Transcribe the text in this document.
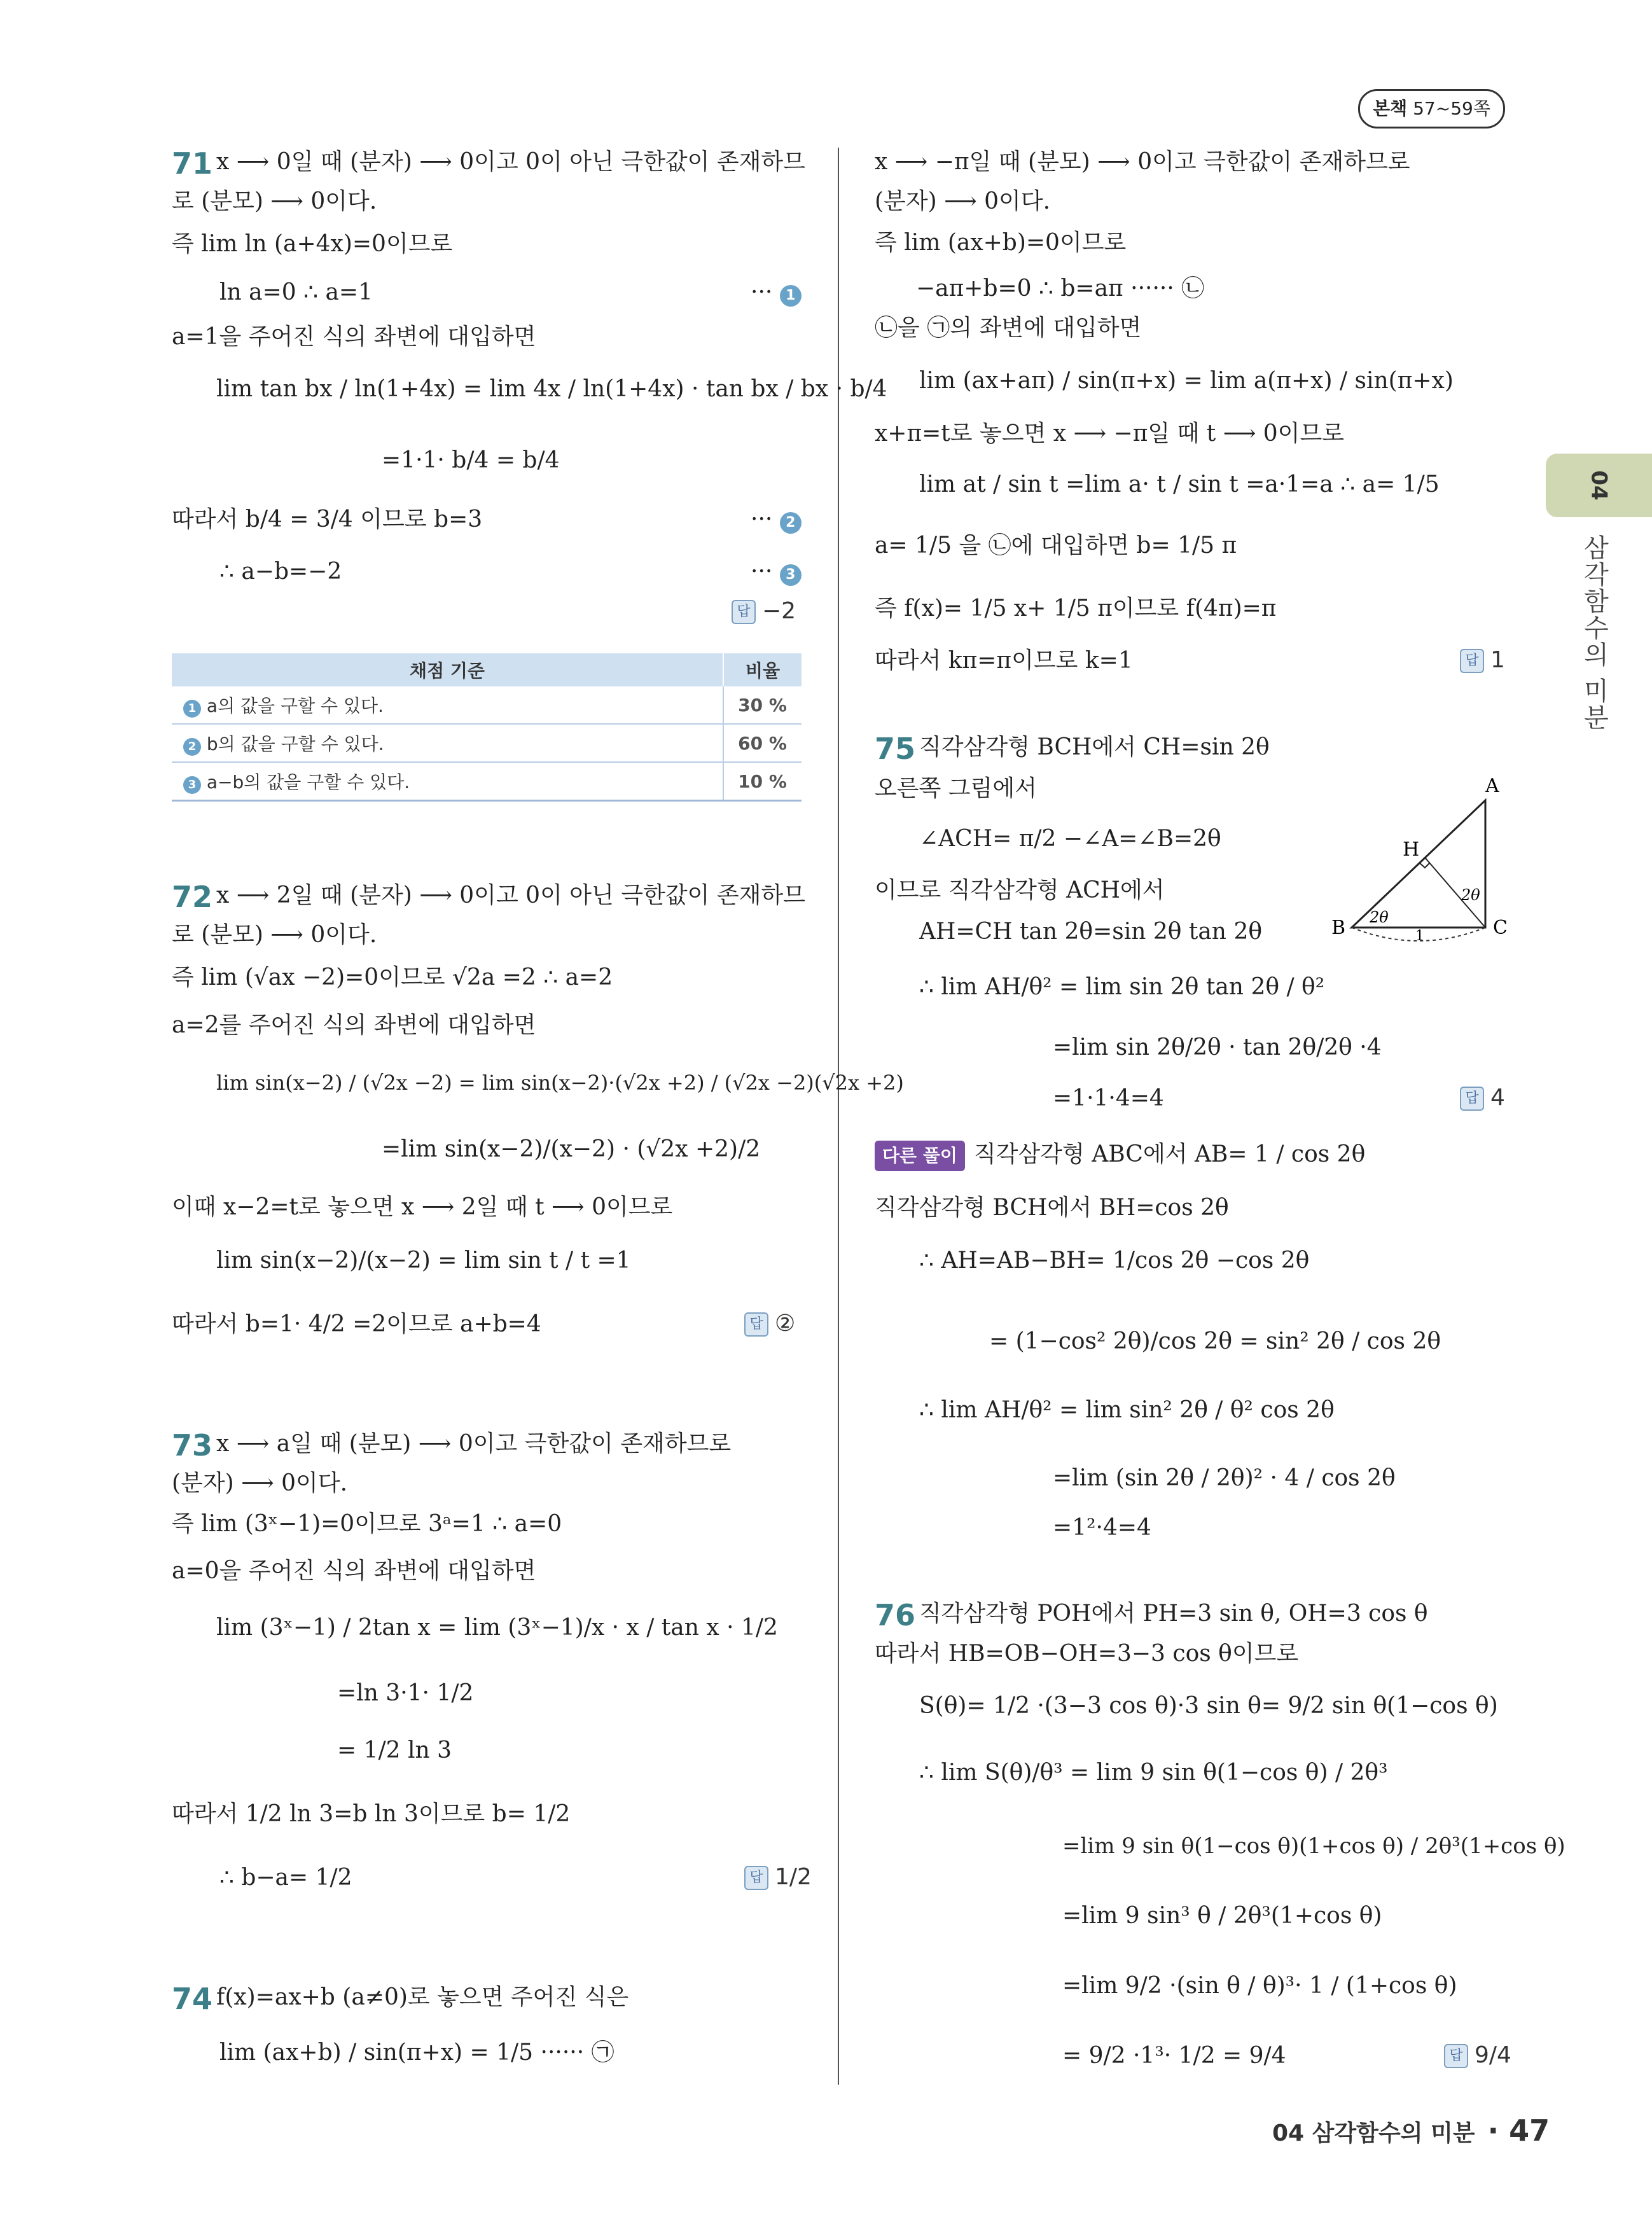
본책 57~59쪽
04
삼각함수의 미분
71 x ⟶ 0일 때 (분자) ⟶ 0이고 0이 아닌 극한값이 존재하므
로 (분모) ⟶ 0이다.
즉 lim ln (a+4x)=0이므로
ln a=0 ∴ a=1	··· 1
a=1을 주어진 식의 좌변에 대입하면
lim tan bx / ln(1+4x) = lim 4x / ln(1+4x) · tan bx / bx · b/4
=1·1· b/4 = b/4
따라서 b/4 = 3/4 이므로 b=3	··· 2
∴ a−b=−2	··· 3
답 −2
채점 기준	비율
1 a의 값을 구할 수 있다.	30 %
2 b의 값을 구할 수 있다.	60 %
3 a−b의 값을 구할 수 있다.	10 %
72 x ⟶ 2일 때 (분자) ⟶ 0이고 0이 아닌 극한값이 존재하므
로 (분모) ⟶ 0이다.
즉 lim (√ax −2)=0이므로 √2a =2 ∴ a=2
a=2를 주어진 식의 좌변에 대입하면
lim sin(x−2) / (√2x −2) = lim sin(x−2)·(√2x +2) / (√2x −2)(√2x +2)
=lim sin(x−2)/(x−2) · (√2x +2)/2
이때 x−2=t로 놓으면 x ⟶ 2일 때 t ⟶ 0이므로
lim sin(x−2)/(x−2) = lim sin t / t =1
따라서 b=1· 4/2 =2이므로 a+b=4	답 ②
73 x ⟶ a일 때 (분모) ⟶ 0이고 극한값이 존재하므로
(분자) ⟶ 0이다.
즉 lim (3ˣ−1)=0이므로 3ᵃ=1 ∴ a=0
a=0을 주어진 식의 좌변에 대입하면
lim (3ˣ−1) / 2tan x = lim (3ˣ−1)/x · x / tan x · 1/2
=ln 3·1· 1/2
= 1/2 ln 3
따라서 1/2 ln 3=b ln 3이므로 b= 1/2
∴ b−a= 1/2	답 1/2
74 f(x)=ax+b (a≠0)로 놓으면 주어진 식은
lim (ax+b) / sin(π+x) = 1/5 ······ ㉠
x ⟶ −π일 때 (분모) ⟶ 0이고 극한값이 존재하므로
(분자) ⟶ 0이다.
즉 lim (ax+b)=0이므로
−aπ+b=0 ∴ b=aπ ······ ㉡
㉡을 ㉠의 좌변에 대입하면
lim (ax+aπ) / sin(π+x) = lim a(π+x) / sin(π+x)
x+π=t로 놓으면 x ⟶ −π일 때 t ⟶ 0이므로
lim at / sin t =lim a· t / sin t =a·1=a ∴ a= 1/5
a= 1/5 을 ㉡에 대입하면 b= 1/5 π
즉 f(x)= 1/5 x+ 1/5 π이므로 f(4π)=π
따라서 kπ=π이므로 k=1	답 1
75 직각삼각형 BCH에서 CH=sin 2θ
오른쪽 그림에서
∠ACH= π/2 −∠A=∠B=2θ
이므로 직각삼각형 ACH에서
AH=CH tan 2θ=sin 2θ tan 2θ
∴ lim AH/θ² = lim sin 2θ tan 2θ / θ²
=lim sin 2θ/2θ · tan 2θ/2θ ·4
=1·1·4=4	답 4
A
B	C
H
2θ
2θ
1
다른 풀이 직각삼각형 ABC에서 AB= 1 / cos 2θ
직각삼각형 BCH에서 BH=cos 2θ
∴ AH=AB−BH= 1/cos 2θ −cos 2θ
= (1−cos² 2θ)/cos 2θ = sin² 2θ / cos 2θ
∴ lim AH/θ² = lim sin² 2θ / θ² cos 2θ
=lim (sin 2θ / 2θ)² · 4 / cos 2θ
=1²·4=4
76 직각삼각형 POH에서 PH=3 sin θ, OH=3 cos θ
따라서 HB=OB−OH=3−3 cos θ이므로
S(θ)= 1/2 ·(3−3 cos θ)·3 sin θ= 9/2 sin θ(1−cos θ)
∴ lim S(θ)/θ³ = lim 9 sin θ(1−cos θ) / 2θ³
=lim 9 sin θ(1−cos θ)(1+cos θ) / 2θ³(1+cos θ)
=lim 9 sin³ θ / 2θ³(1+cos θ)
=lim 9/2 ·(sin θ / θ)³· 1 / (1+cos θ)
= 9/2 ·1³· 1/2 = 9/4	답 9/4
04 삼각함수의 미분 · 47
